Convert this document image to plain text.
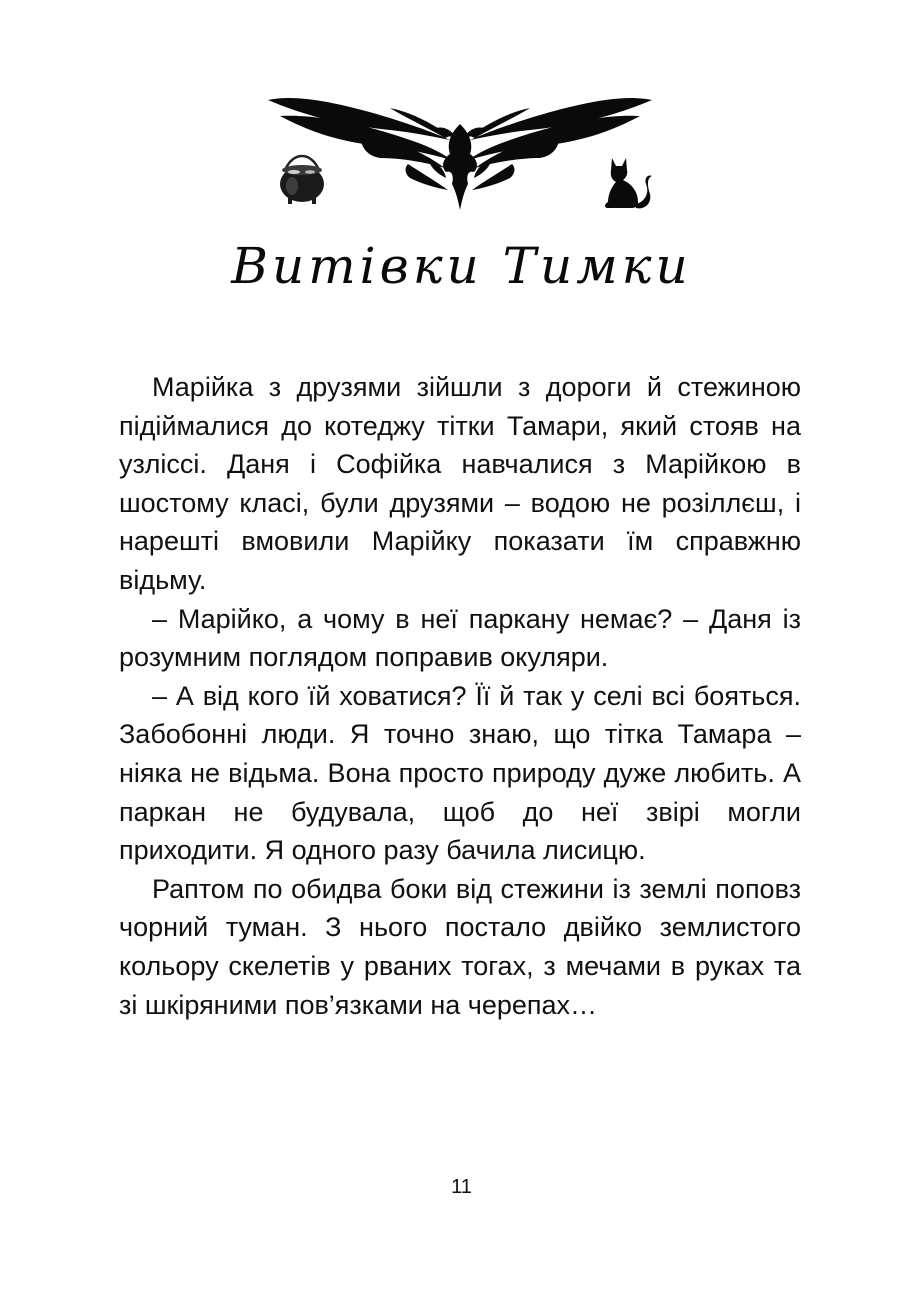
Витівки Тимки

Марійка з друзями зійшли з дороги й стежиною підіймалися до котеджу тітки Тамари, який стояв на узліссі. Даня і Софійка навчалися з Марійкою в шостому класі, були друзями – водою не розіллєш, і нарешті вмовили Марійку показати їм справжню відьму.

– Марійко, а чому в неї паркану немає? – Даня із розумним поглядом поправив окуляри.

– А від кого їй ховатися? Її й так у селі всі бояться. Забобонні люди. Я точно знаю, що тітка Тамара – ніяка не відьма. Вона просто природу дуже любить. А паркан не будувала, щоб до неї звірі могли приходити. Я одного разу бачила лисицю.

Раптом по обидва боки від стежини із землі поповз чорний туман. З нього постало двійко землистого кольору скелетів у рваних тогах, з мечами в руках та зі шкіряними пов’язками на черепах…

11
